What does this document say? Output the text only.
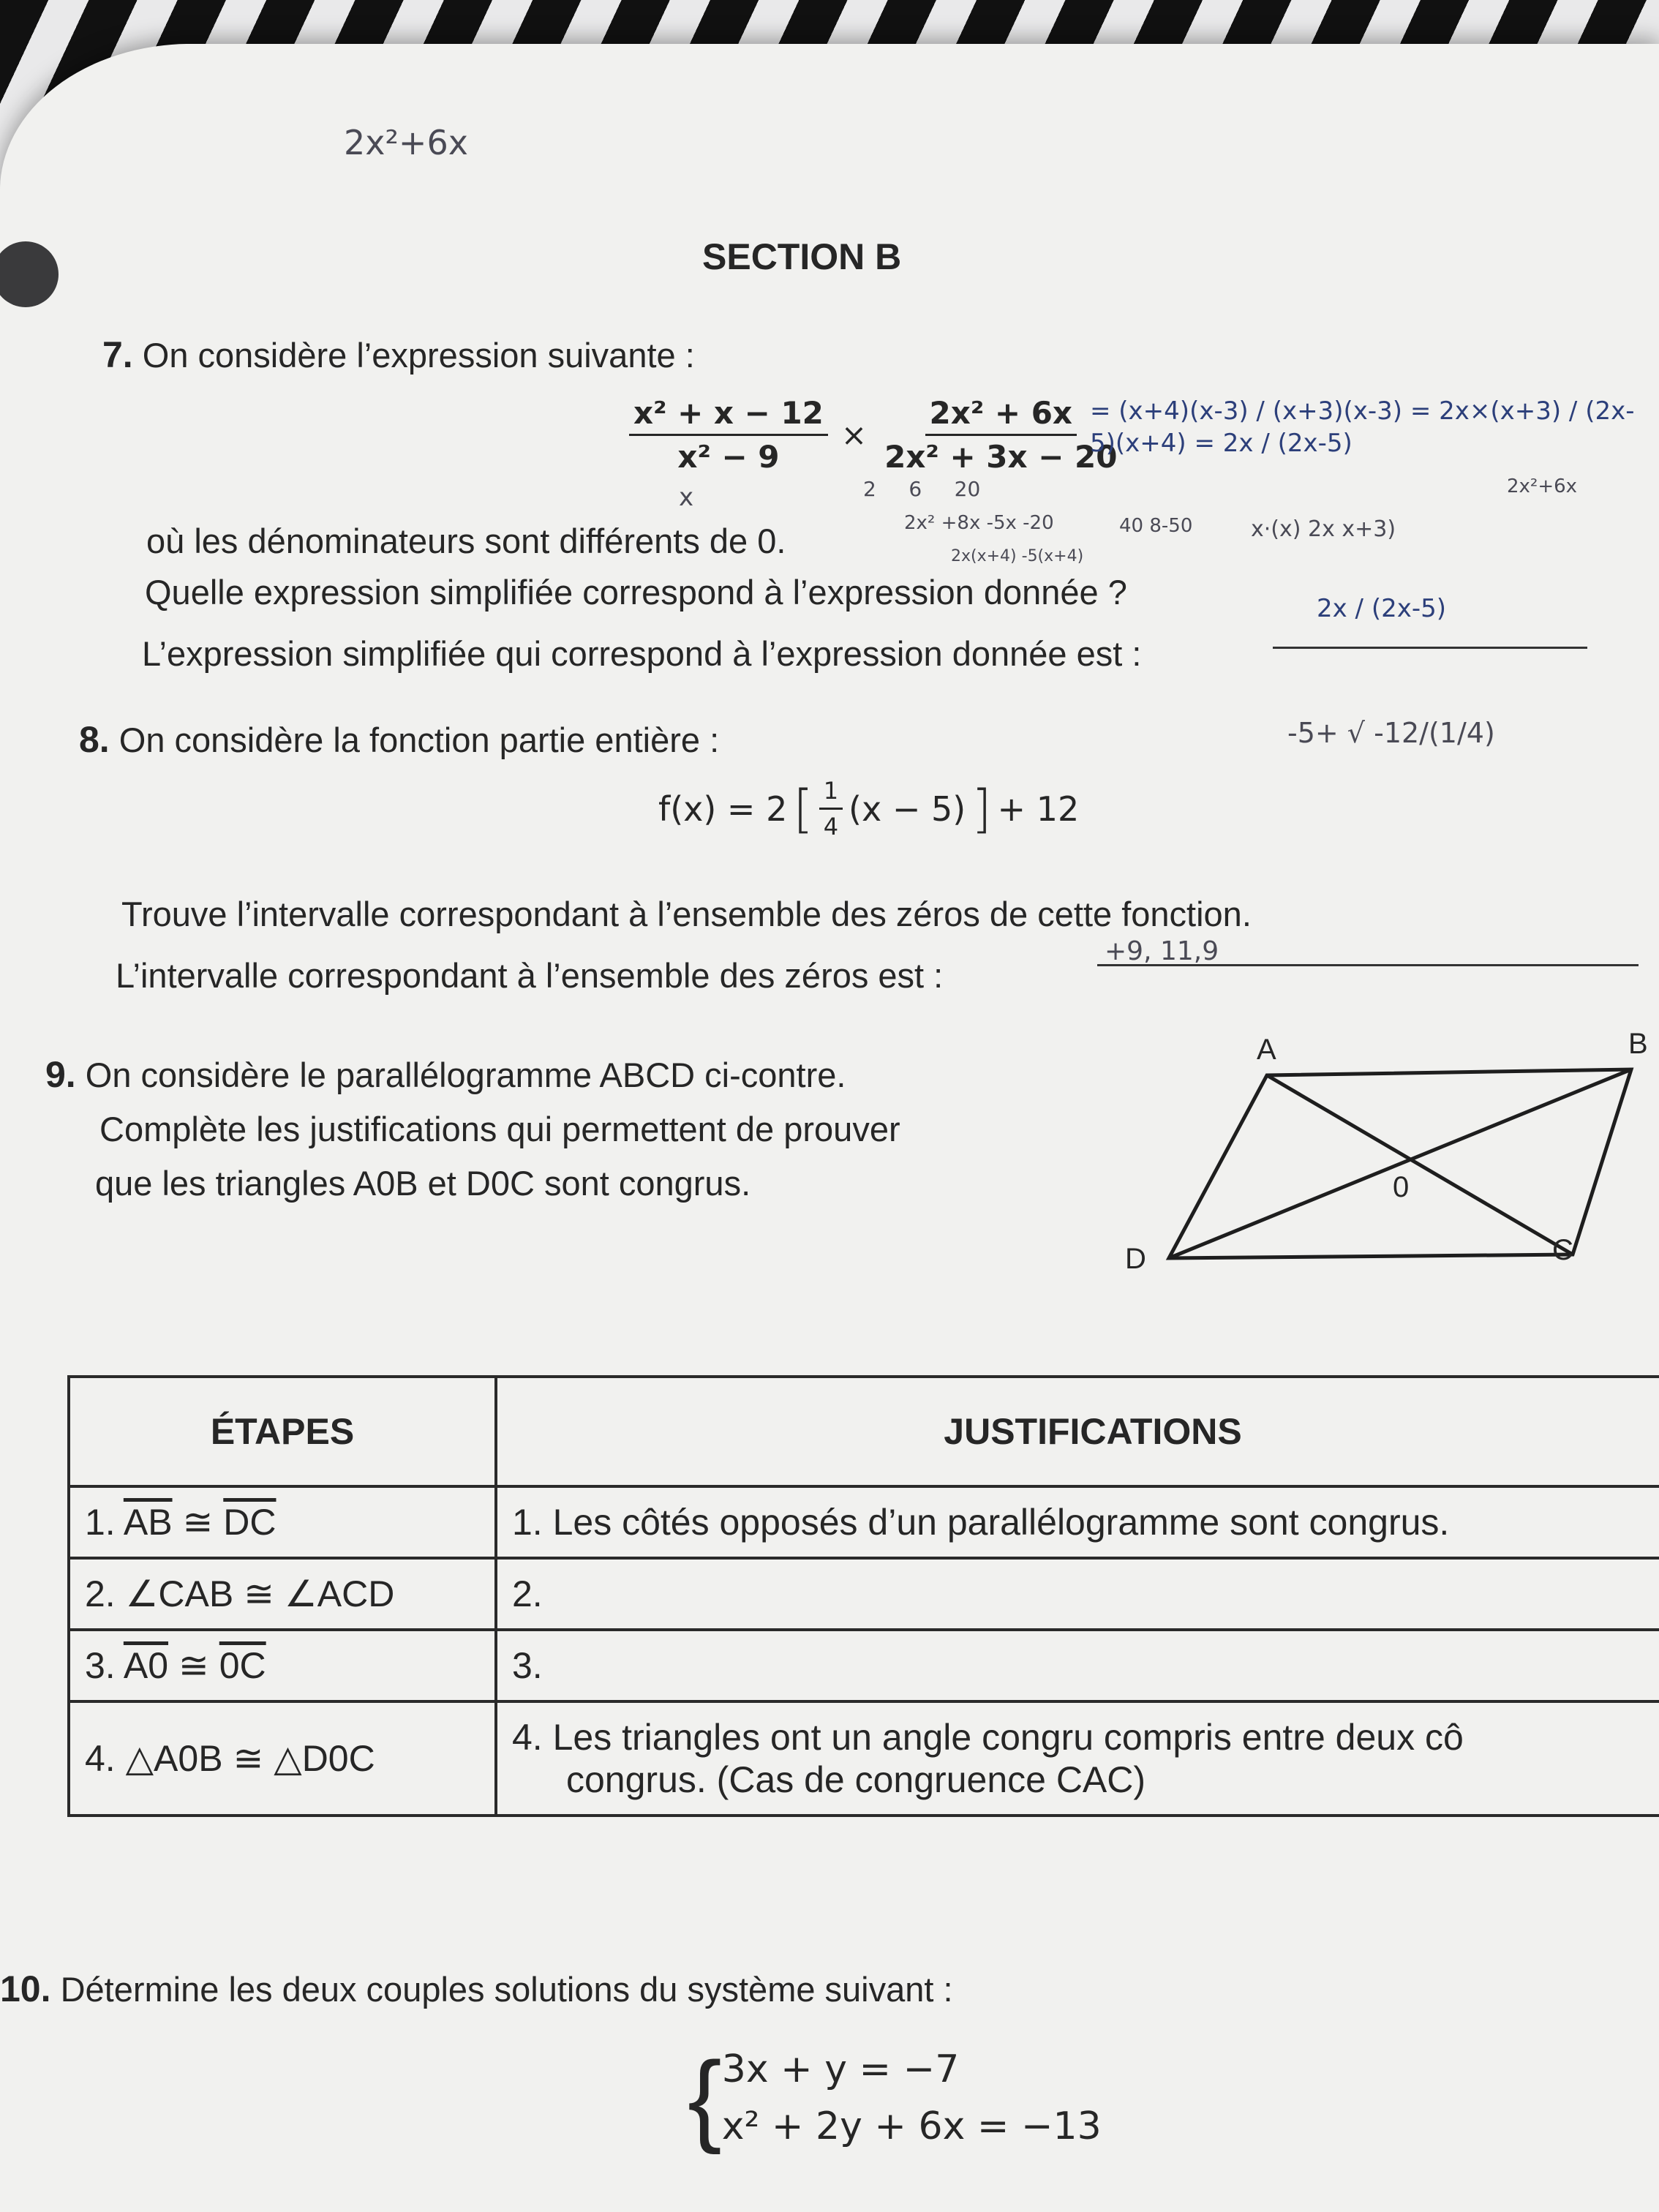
2x²+6x
SECTION B
7. On considère l’expression suivante :
$\frac{\text{x² + x − 12}}{\text{x² − 9}} \times \frac{\text{2x² + 6x}}{\text{2x² + 3x − 20}}$
= (x+4)(x-3) / (x+3)(x-3) = 2x×(x+3) / (2x-5)(x+4) = 2x / (2x-5)
x	2     6     20	2x²+6x
où les dénominateurs sont différents de 0.	2x² +8x -5x -20
2x(x+4) -5(x+4)
40 8-50	x·(x) 2x x+3)
Quelle expression simplifiée correspond à l’expression donnée ?
L’expression simplifiée qui correspond à l’expression donnée est :
2x / (2x-5)
8. On considère la fonction partie entière :	-5+ √ -12/(1/4)
f(x) = 2 [ $\frac{1}{4} (x - 5)$ ] + 12
Trouve l’intervalle correspondant à l’ensemble des zéros de cette fonction.
L’intervalle correspondant à l’ensemble des zéros est :
+9, 11,9
9. On considère le parallélogramme ABCD ci-contre.
Complète les justifications qui permettent de prouver
que les triangles A0B et D0C sont congrus.
A	B
C
D
0
ÉTAPES	JUSTIFICATIONS
1. $\overline{AB}$ ≅ $\overline{DC}$	1. Les côtés opposés d’un parallélogramme sont congrus.
2. ∠CAB ≅ ∠ACD	2.
3. A0 ≅ 0C	3.
4. △A0B ≅ △D0C	4. Les triangles ont un angle congru compris entre deux cô
congrus. (Cas de congruence CAC)
10. Détermine les deux couples solutions du système suivant :
{ 3x + y = −7
x² + 2y + 6x = −13
